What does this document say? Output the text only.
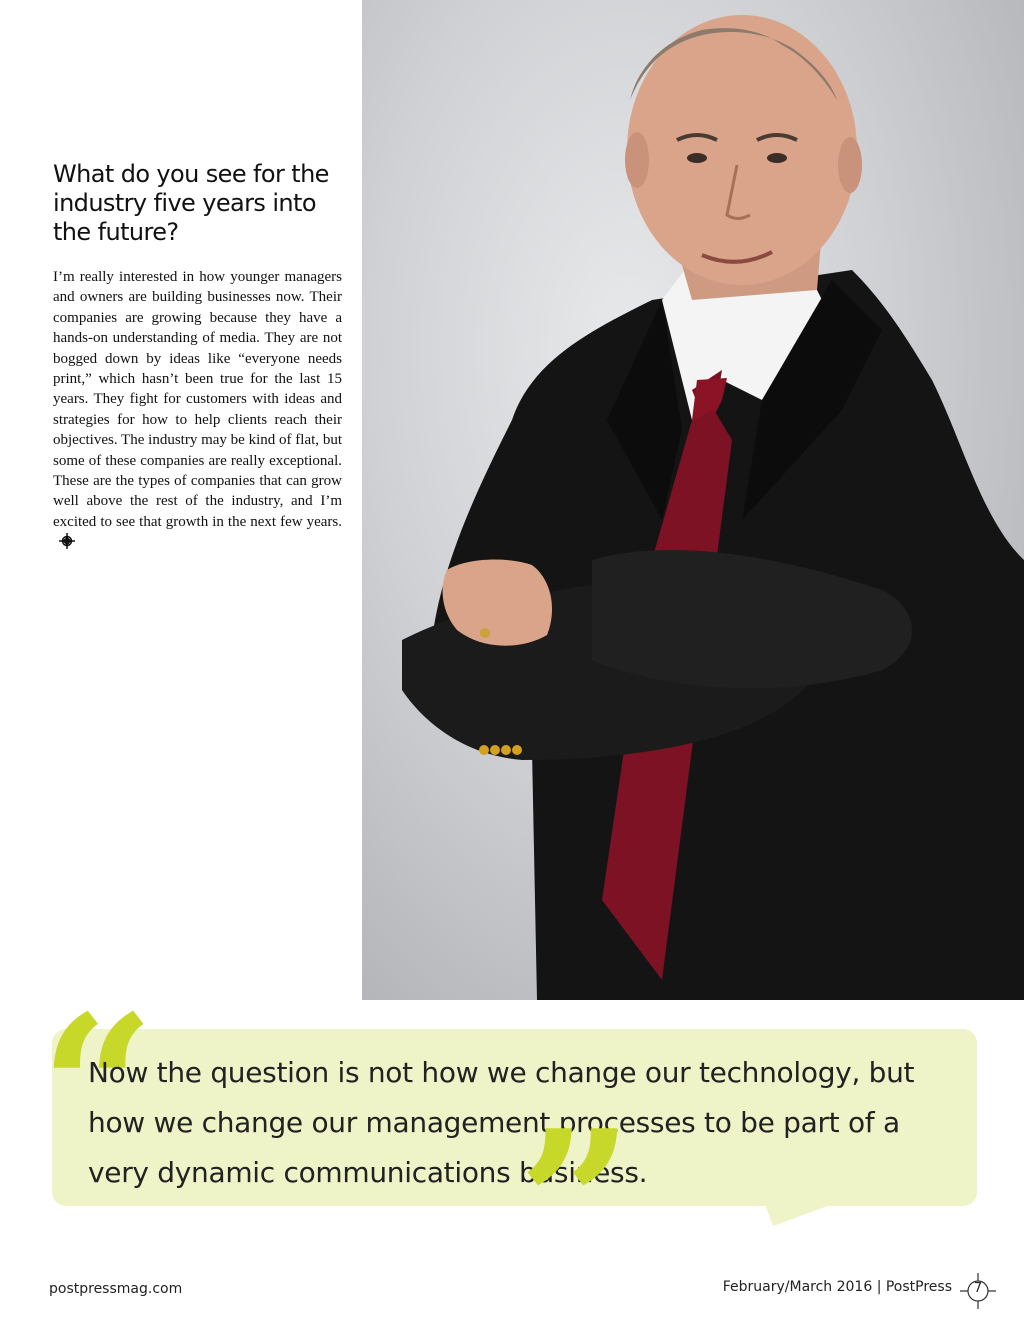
What do you see for the industry five years into the future?

I’m really interested in how younger managers and owners are building businesses now. Their companies are growing because they have a hands-on understanding of media. They are not bogged down by ideas like “everyone needs print,” which hasn’t been true for the last 15 years. They fight for customers with ideas and strategies for how to help clients reach their objectives. The industry may be kind of flat, but some of these companies are really exceptional. These are the types of companies that can grow well above the rest of the industry, and I’m excited to see that growth in the next few years.

“

Now the question is not how we change our technology, but how we change our management processes to be part of a very dynamic communications business.

”
postpressmag.com	February/March 2016 | PostPress	7
